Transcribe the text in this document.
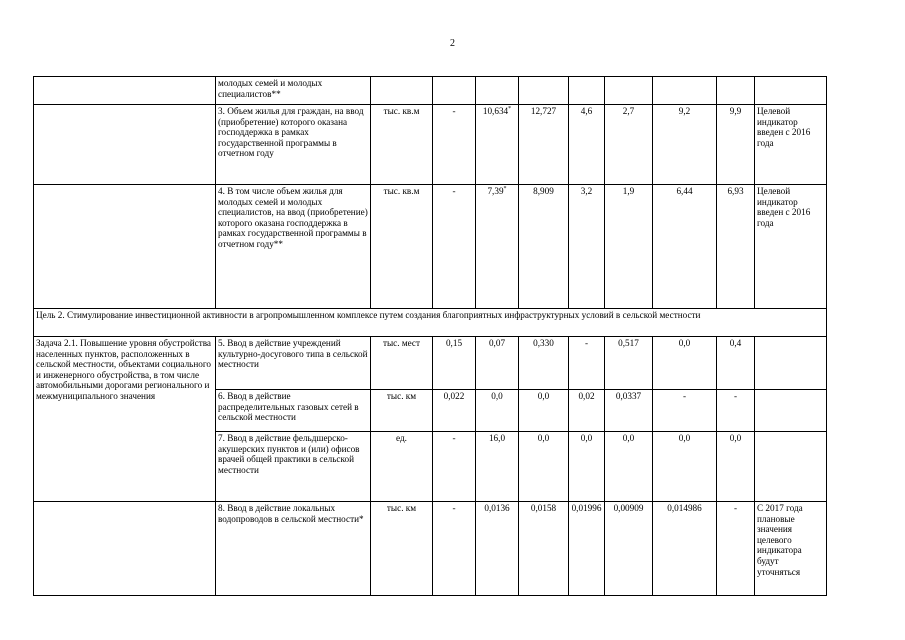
2
	молодых семей и молодых специалистов**									
	3. Объем жилья для граждан, на ввод (приобретение) которого оказана господдержка в рамках государственной программы в отчетном году	тыс. кв.м	-	10,634*	12,727	4,6	2,7	9,2	9,9	Целевой индикатор введен с 2016 года
	4. В том числе объем жилья для молодых семей и молодых специалистов, на ввод (приобретение) которого оказана господдержка в рамках государственной программы в отчетном году**	тыс. кв.м	-	7,39*	8,909	3,2	1,9	6,44	6,93	Целевой индикатор введен с 2016 года
Цель 2. Стимулирование инвестиционной активности в агропромышленном комплексе путем создания благоприятных инфраструктурных условий в сельской местности										
Задача 2.1. Повышение уровня обустройства населенных пунктов, расположенных в сельской местности, объектами социального и инженерного обустройства, в том числе автомобильными дорогами регионального и межмуниципального значения	5. Ввод в действие учреждений культурно-досугового типа в сельской местности	тыс. мест	0,15	0,07	0,330	-	0,517	0,0	0,4	
	6. Ввод в действие распределительных газовых сетей в сельской местности	тыс. км	0,022	0,0	0,0	0,02	0,0337	-	-	
	7. Ввод в действие фельдшерско-акушерских пунктов и (или) офисов врачей общей практики в сельской местности	ед.	-	16,0	0,0	0,0	0,0	0,0	0,0	
	8. Ввод в действие локальных водопроводов в сельской местности*	тыс. км	-	0,0136	0,0158	0,01996	0,00909	0,014986	-	С 2017 года плановые значения целевого индикатора будут уточняться
